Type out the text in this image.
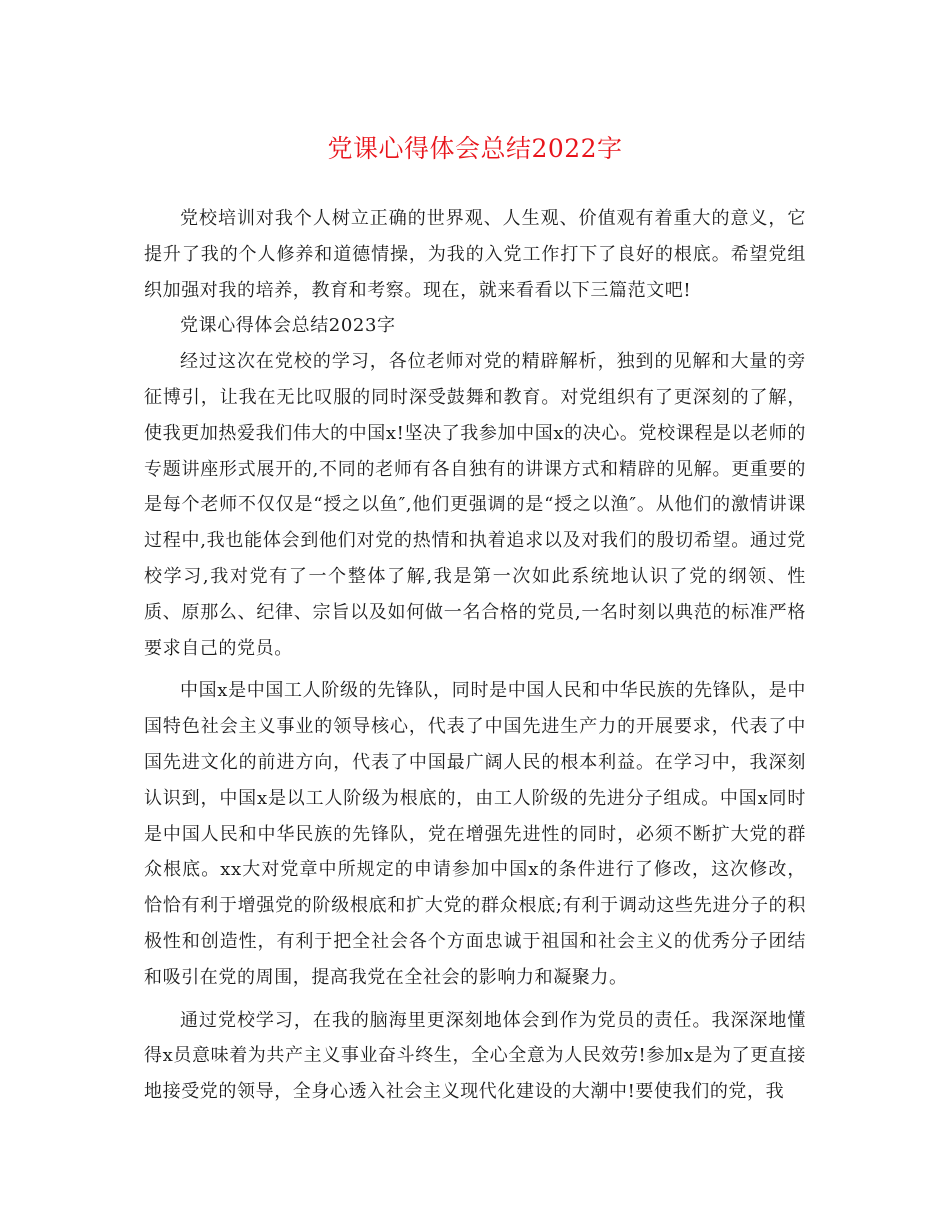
党课心得体会总结2022字

党校培训对我个人树立正确的世界观、人生观、价值观有着重大的意义，它提升了我的个人修养和道德情操，为我的入党工作打下了良好的根底。希望党组织加强对我的培养，教育和考察。现在，就来看看以下三篇范文吧!

党课心得体会总结2023字

经过这次在党校的学习，各位老师对党的精辟解析，独到的见解和大量的旁征博引，让我在无比叹服的同时深受鼓舞和教育。对党组织有了更深刻的了解，使我更加热爱我们伟大的中国x!坚决了我参加中国x的决心。党校课程是以老师的专题讲座形式展开的,不同的老师有各自独有的讲课方式和精辟的见解。更重要的是每个老师不仅仅是“授之以鱼″,他们更强调的是“授之以渔″。从他们的激情讲课过程中,我也能体会到他们对党的热情和执着追求以及对我们的殷切希望。通过党校学习,我对党有了一个整体了解,我是第一次如此系统地认识了党的纲领、性质、原那么、纪律、宗旨以及如何做一名合格的党员,一名时刻以典范的标准严格要求自己的党员。

中国x是中国工人阶级的先锋队，同时是中国人民和中华民族的先锋队，是中国特色社会主义事业的领导核心，代表了中国先进生产力的开展要求，代表了中国先进文化的前进方向，代表了中国最广阔人民的根本利益。在学习中，我深刻认识到，中国x是以工人阶级为根底的，由工人阶级的先进分子组成。中国x同时是中国人民和中华民族的先锋队，党在增强先进性的同时，必须不断扩大党的群众根底。xx大对党章中所规定的申请参加中国x的条件进行了修改，这次修改，恰恰有利于增强党的阶级根底和扩大党的群众根底;有利于调动这些先进分子的积极性和创造性，有利于把全社会各个方面忠诚于祖国和社会主义的优秀分子团结和吸引在党的周围，提高我党在全社会的影响力和凝聚力。

通过党校学习，在我的脑海里更深刻地体会到作为党员的责任。我深深地懂得x员意味着为共产主义事业奋斗终生，全心全意为人民效劳!参加x是为了更直接地接受党的领导，全身心透入社会主义现代化建设的大潮中!要使我们的党，我
